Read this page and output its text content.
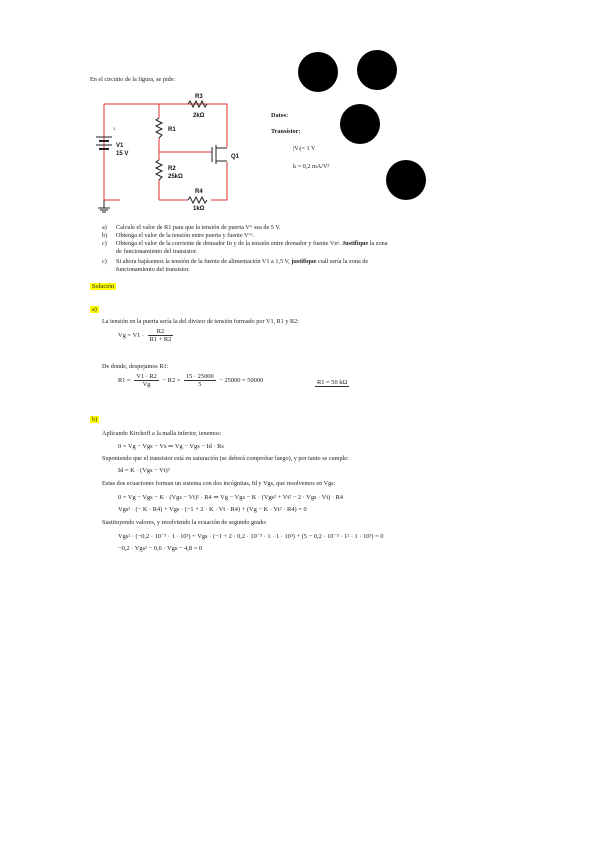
En el circuito de la figura, se pide:
R3
2kΩ
R1
1
V1
15 V
R2
25kΩ
Q1
R4
1kΩ
Datos:
Transistor:
|Vₜ|= 1 V
k = 0,2 mA/V²
a) Calcule el valor de R1 para que la tensión de puerta Vᴳ sea de 5 V.
b) Obtenga el valor de la tensión entre puerta y fuente Vᴳˢ.
c) Obtenga el valor de la corriente de drenador Iᴅ y de la tensión entre drenador y fuente Vᴅˢ. Justifique la zona
de funcionamiento del transistor.
c) Si ahora bajásemos la tensión de la fuente de alimentación V1 a 1,5 V, justifique cuál sería la zona de
funcionamiento del transistor.
Solución
a)
La tensión en la puerta sería la del divisor de tensión formado por V1, R1 y R2:
$Vg = V1 \cdot \frac{R2}{R1 + R2}$
De donde, despejamos R1:
$R1 = \frac{V1 \cdot R2}{Vg} - R2 = \frac{15 \cdot 25000}{5} - 25000 = 50000$	R1 = 50 kΩ
b)
Aplicando Kirchoff a la malla inferior, tenemos:
0 = Vg − Vgs − Vs ⇒ Vg − Vgs − Id · Rs
Suponiendo que el transistor está en saturación (se deberá comprobar luego), y por tanto se cumple:
Id = K · (Vgs − Vt)²
Estas dos ecuaciones forman un sistema con dos incógnitas, Id y Vgs, que resolvemos en Vgs:
0 = Vg − Vgs − K · (Vgs − Vt)² · R4 ⇒ Vg − Vgs − K · (Vgs² + Vt² − 2 · Vgs · Vt) · R4
Vgs² · (− K · R4) + Vgs · (−1 + 2 · K · Vt · R4) + (Vg − K · Vt² · R4) = 0
Sustituyendo valores, y resolviendo la ecuación de segundo grado:
Vgs² · (−0,2 · 10⁻³ · 1 · 10³) + Vgs · (−1 + 2 · 0,2 · 10⁻³ · 1 · 1 · 10³) + (5 − 0,2 · 10⁻³ · 1² · 1 · 10³) = 0
−0,2 · Vgs² − 0,6 · Vgs − 4,8 = 0
